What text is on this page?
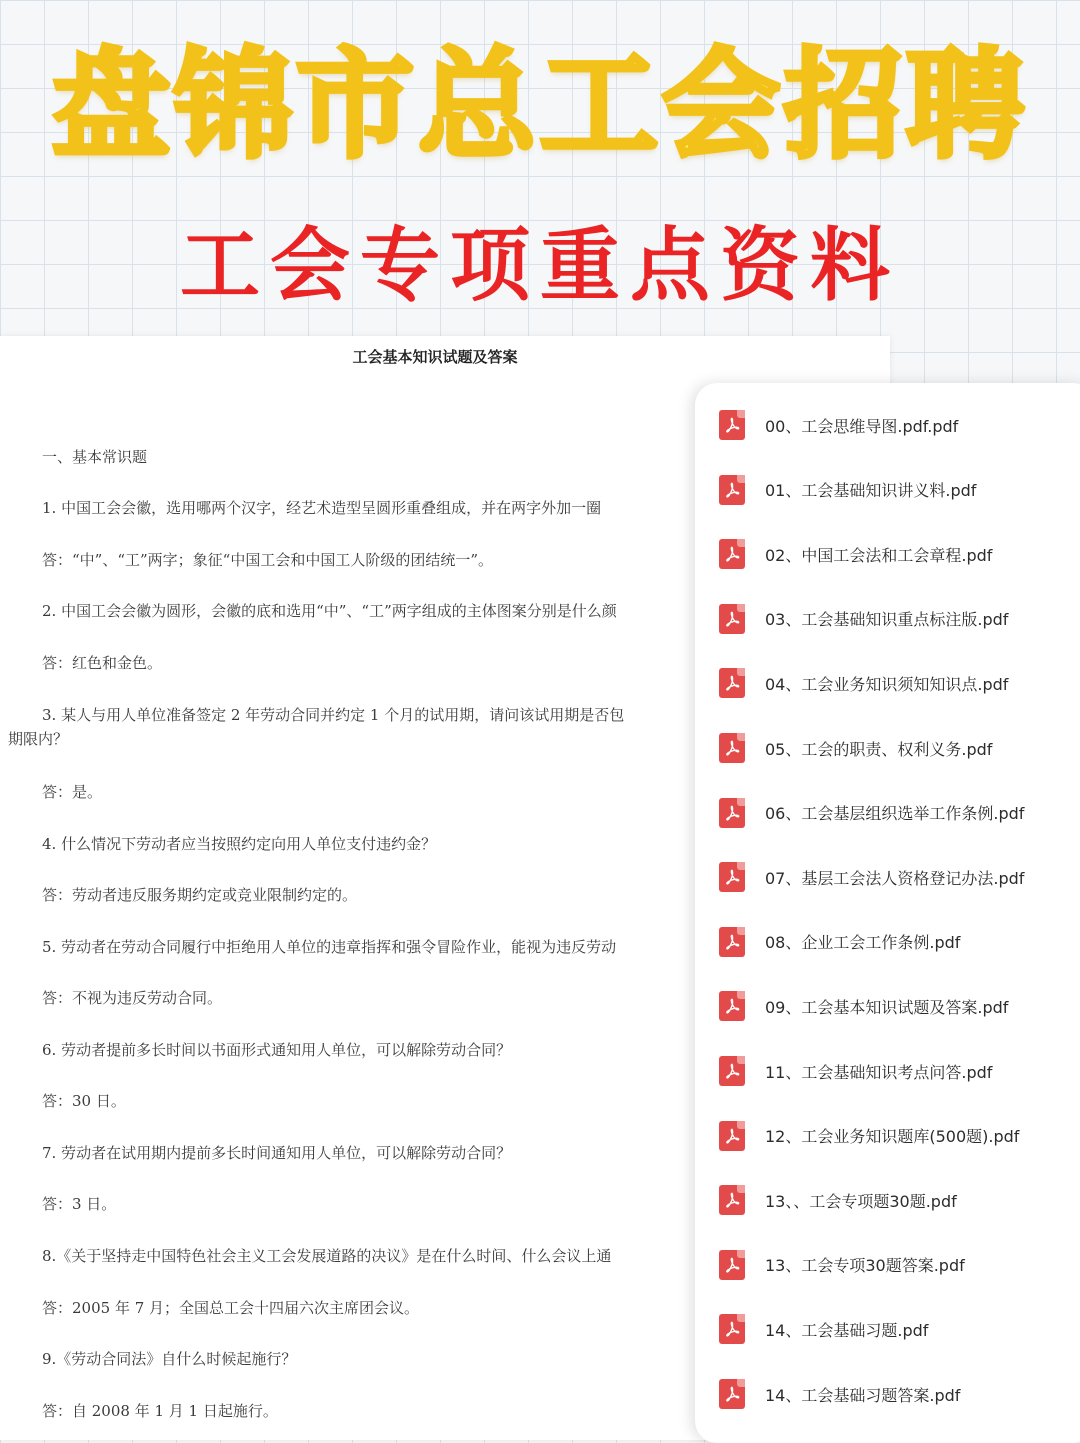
盘锦市总工会招聘
工会专项重点资料
工会基本知识试题及答案
一、基本常识题
1. 中国工会会徽，选用哪两个汉字，经艺术造型呈圆形重叠组成，并在两字外加一圈
答：“中”、“工”两字；象征“中国工会和中国工人阶级的团结统一”。
2. 中国工会会徽为圆形，会徽的底和选用“中”、“工”两字组成的主体图案分别是什么颜
答：红色和金色。
3. 某人与用人单位准备签定 2 年劳动合同并约定 1 个月的试用期，请问该试用期是否包
期限内？
答：是。
4. 什么情况下劳动者应当按照约定向用人单位支付违约金？
答：劳动者违反服务期约定或竞业限制约定的。
5. 劳动者在劳动合同履行中拒绝用人单位的违章指挥和强令冒险作业，能视为违反劳动
答：不视为违反劳动合同。
6. 劳动者提前多长时间以书面形式通知用人单位，可以解除劳动合同？
答：30 日。
7. 劳动者在试用期内提前多长时间通知用人单位，可以解除劳动合同？
答：3 日。
8.《关于坚持走中国特色社会主义工会发展道路的决议》是在什么时间、什么会议上通
答：2005 年 7 月；全国总工会十四届六次主席团会议。
9.《劳动合同法》自什么时候起施行？
答：自 2008 年 1 月 1 日起施行。
00、工会思维导图.pdf.pdf
01、工会基础知识讲义料.pdf
02、中国工会法和工会章程.pdf
03、工会基础知识重点标注版.pdf
04、工会业务知识须知知识点.pdf
05、工会的职责、权利义务.pdf
06、工会基层组织选举工作条例.pdf
07、基层工会法人资格登记办法.pdf
08、企业工会工作条例.pdf
09、工会基本知识试题及答案.pdf
11、工会基础知识考点问答.pdf
12、工会业务知识题库(500题).pdf
13、、工会专项题30题.pdf
13、工会专项30题答案.pdf
14、工会基础习题.pdf
14、工会基础习题答案.pdf
